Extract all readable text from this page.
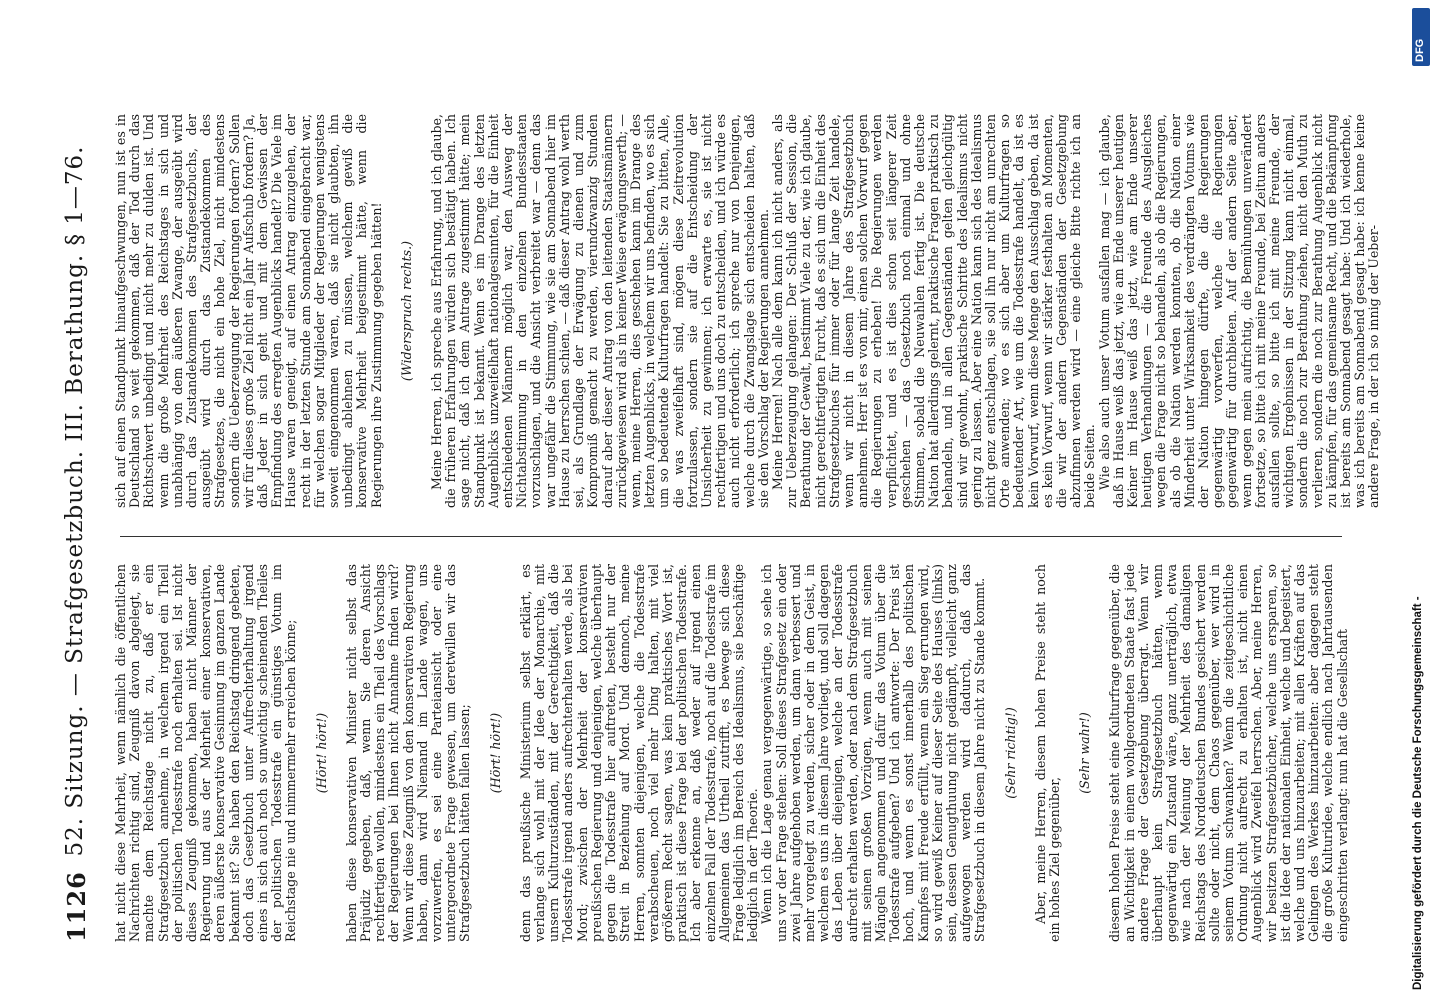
1126
52. Sitzung. — Strafgesetzbuch. III. Berathung. § 1—76. hat nicht diese Mehrheit, wenn nämlich die öffentlichen Nachrichten richtig sind, Zeugniß davon abgelegt, sie machte dem Reichstage nicht zu, daß er ein Strafgesetzbuch annehme, in welchem irgend ein Theil der politischen Todesstrafe noch erhalten sei. Ist nicht dieses Zeugniß gekommen, haben nicht Männer der Regierung und aus der Mehrheit einer konservativen, deren äußerste konservative Gesinnung im ganzen Lande bekannt ist? Sie haben den Reichstag dringend gebeten, doch das Gesetzbuch unter Aufrechterhaltung irgend eines in sich auch noch so unwichtig scheinenden Theiles der politischen Todesstrafe ein günstiges Votum im Reichstage nie und nimmermehr erreichen könne; (Hört! hört!) haben diese konservativen Minister nicht selbst das Präjudiz gegeben, daß, wenn Sie deren Ansicht rechtfertigen wollen, mindestens ein Theil des Vorschlags der Regierungen bei Ihnen nicht Annahme finden wird? Wenn wir diese Zeugniß von den konservativen Regierung haben, dann wird Niemand im Lande wagen, uns vorzuwerfen, es sei eine Parteiansicht oder eine untergeordnete Frage gewesen, um deretwillen wir das Strafgesetzbuch hätten fallen lassen; (Hört! hört!) denn das preußische Ministerium selbst erklärt, es verlange sich wohl mit der Idee der Monarchie, mit unsern Kulturzuständen, mit der Gerechtigkeit, daß die Todesstrafe irgend anders aufrechterhalten werde, als bei Mord; zwischen der Mehrheit der konservativen preußischen Regierung und denjenigen, welche überhaupt gegen die Todesstrafe hier auftreten, besteht nur der Streit in Beziehung auf Mord. Und dennoch, meine Herren, sonnten diejenigen, welche die Todesstrafe verabscheuen, noch viel mehr Ding halten, mit viel größerem Recht sagen, was kein praktisches Wort ist, praktisch ist diese Frage bei der politischen Todesstrafe. Ich aber erkenne an, daß weder auf irgend einen einzelnen Fall der Todesstrafe, noch auf die Todesstrafe im Allgemeinen das Urtheil zutrifft, es bewege sich diese Frage lediglich im Bereich des Idealismus, sie beschäftige lediglich in der Theorie. Wenn ich die Lage genau vergegenwärtige, so sehe ich uns vor der Frage stehen: Soll dieses Strafgesetz ein oder zwei Jahre aufgehoben werden, um dann verbessert und mehr vorgelegt zu werden, sicher oder in dem Geist, in welchem es uns in diesem Jahre vorliegt, und soll dagegen das Leben über diejenigen, welche an der Todesstrafe aufrecht erhalten werden, oder nach dem Strafgesetzbuch mit seinen großen Vorzügen, wenn auch mit seinen Mängeln angenommen und dafür das Votum über die Todesstrafe aufgeben? Und ich antworte: Der Preis ist hoch, und wenn es sonst innerhalb des politischen Kampfes mit Freude erfüllt, wenn ein Sieg errungen wird, so wird gewiß Keiner auf dieser Seite des Hauses (links) sein, dessen Genugthuung nicht gedämpft, vielleicht ganz aufgewogen werden wird dadurch, daß das Strafgesetzbuch in diesem Jahre nicht zu Stande kommt. (Sehr richtig!) Aber, meine Herren, diesem hohen Preise steht noch ein hohes Ziel gegenüber,

(Sehr wahr!) diesem hohen Preise steht eine Kulturfrage gegenüber, die an Wichtigkeit in einem wohlgeordneten Staate fast jede andere Frage der Gesetzgebung überragt. Wenn wir überhaupt kein Strafgesetzbuch hätten, wenn gegenwärtig ein Zustand wäre, ganz unerträglich, etwa wie nach der Meinung der Mehrheit des damaligen Reichstags des Norddeutschen Bundes gesichert werden sollte oder nicht, dem Chaos gegenüber, wer wird in seinem Votum schwanken? Wenn die zeitgeschichtliche Ordnung nicht aufrecht zu erhalten ist, nicht einen Augenblick wird Zweifel herrschen. Aber, meine Herren, wir besitzen Strafgesetzbücher, welche uns ersparen, so ist die Idee der nationalen Einheit, welche und begeistert, welche und uns hinzuarbeiten; mit allen Kräften auf das Gelingen des Werkes hinzuarbeiten: aber dagegen steht die große Kulturidee, welche endlich nach Jahrtausenden eingeschritten verlangt: nun hat die Gesellschaft

sich auf einen Standpunkt hinaufgeschwungen, nun ist es in Deutschland so weit gekommen, daß der Tod durch das Richtschwert unbedingt und nicht mehr zu dulden ist. Und wenn die große Mehrheit des Reichstages in sich und unabhängig von dem äußeren Zwange, der ausgeübt wird durch das Zustandekommen des Strafgesetzbuchs, der ausgeübt wird durch das Zustandekommen des Strafgesetzes, die nicht ein hohe Ziel, nicht mindestens sondern die Ueberzeugung der Regierungen fordern? Sollen wir für dieses große Ziel nicht ein Jahr Aufschub fordern? Ja, daß Jeder in sich geht und mit dem Gewissen der Empfindung des erregten Augenblicks handelt? Die Viele im Hause waren geneigt, auf einen Antrag einzugehen, der recht in der letzten Stunde am Sonnabend eingebracht war, für welchen sogar Mitglieder der Regierungen wenigstens soweit eingenommen waren, daß sie nicht glaubten, ihn unbedingt ablehnen zu müssen, welchem gewiß die konservative Mehrheit beigestimmt hätte, wenn die Regierungen ihre Zustimmung gegeben hätten! (Widerspruch rechts.) Meine Herren, ich spreche aus Erfahrung, und ich glaube, die früheren Erfahrungen würden sich bestätigt haben. Ich sage nicht, daß ich dem Antrage zugestimmt hätte; mein Standpunkt ist bekannt. Wenn es im Drange des letzten Augenblicks unzweifelhaft nationalgesinnten, für die Einheit entschiedenen Männern möglich war, den Ausweg der Nichtabstimmung in den einzelnen Bundesstaaten vorzuschlagen, und die Ansicht verbreitet war — denn das war ungefähr die Stimmung, wie sie am Sonnabend hier im Hause zu herrschen schien, — daß dieser Antrag wohl werth sei, als Grundlage der Erwägung zu dienen und zum Kompromiß gemacht zu werden, vierundzwanzig Stunden darauf aber dieser Antrag von den leitenden Staatsmännern zurückgewiesen wird als in keiner Weise erwägungswerth; — wenn, meine Herren, dies geschehen kann im Drange des letzten Augenblicks, in welchem wir uns befinden, wo es sich um so bedeutende Kulturfragen handelt: Sie zu bitten, Alle, die was zweifelhaft sind, mögen diese Zeitrevolution fortzulassen, sondern sie auf die Entscheidung der Unsicherheit zu gewinnen; ich erwarte es, sie ist nicht rechtfertigen und uns doch zu entscheiden, und ich würde es auch nicht erforderlich; ich spreche nur von Denjenigen, welche durch die Zwangslage sich entscheiden halten, daß sie den Vorschlag der Regierungen annehmen. Meine Herren! Nach alle dem kann ich nicht anders, als zur Ueberzeugung gelangen: Der Schluß der Session, die Berathung der Gewalt, bestimmt Viele zu der, wie ich glaube, nicht gerechtfertigten Furcht, daß es sich um die Einheit des Strafgesetzbuches für immer oder für lange Zeit handele, wenn wir nicht in diesem Jahre des Strafgesetzbuch annehmen. Herr ist es von mir, einen solchen Vorwurf gegen die Regierungen zu erheben! Die Regierungen werden verpflichtet, und es ist dies schon seit längerer Zeit geschehen — das Gesetzbuch noch einmal und ohne Stimmen, sobald die Neuwahlen fertig ist. Die deutsche Nation hat allerdings gelernt, praktische Fragen praktisch zu behandeln, und in allen Gegenständen gelten gleichgültig sind wir gewohnt, praktische Schritte des Idealismus nicht gering zu lassen. Aber eine Nation kann sich des Idealismus nicht genz entschlagen, sie soll ihn nur nicht am unrechten Orte anwenden; wo es sich aber um Kulturfragen so bedeutender Art, wie um die Todesstrafe handelt, da ist es kein Vorwurf, wenn diese Menge den Ausschlag geben, da ist es kein Vorwurf, wenn wir stärker festhalten an Momenten, die wir der andern Gegenständen der Gesetzgebung abzufinnen werden wird — eine gleiche Bitte richte ich an beide Seiten. Wie also auch unser Votum ausfallen mag — ich glaube, daß in Hause weiß das jetzt, wie am Ende unserer heutigen Keiner im Hause weiß das jetzt, wie am Ende unserer heutigen Verhandlungen — die Freunde des Ausgleiches wegen die Frage nicht so behandeln, als ob die Regierungen, als ob die Nation werden konnten, ob die Nation einer Minderheit unter Wirksamkeit des verdrängten Votums wie der Nation hingegen dürfte, die die Regierungen gegenwärtig vorwerfen, welche die Regierungen gegenwärtig für durchbieten. Auf der andern Seite aber, wenn gegen mein aufrichtig, die Bemühungen unverändert fortsetze, so bitte ich mit meine Freunde, bei Zeitum anders ausfallen sollte, so bitte ich mit meine Freunde, der wichtigen Ergebnissen in der Sitzung kann nicht einmal, sondern die noch zur Berathung ziehen, nicht den Muth zu verlieren, sondern die noch zur Berathung Augenblick nicht zu kämpfen, für das gemeinsame Recht, und die Bekämpfung ist bereits am Sonnabend gesagt habe: Und ich wiederhole, was ich bereits am Sonnabend gesagt habe: ich kenne keine andere Frage, in der ich so innig der Ueber-

Digitalisierung gefördert durch die Deutsche Forschungsgemeinschaft -
DFG
